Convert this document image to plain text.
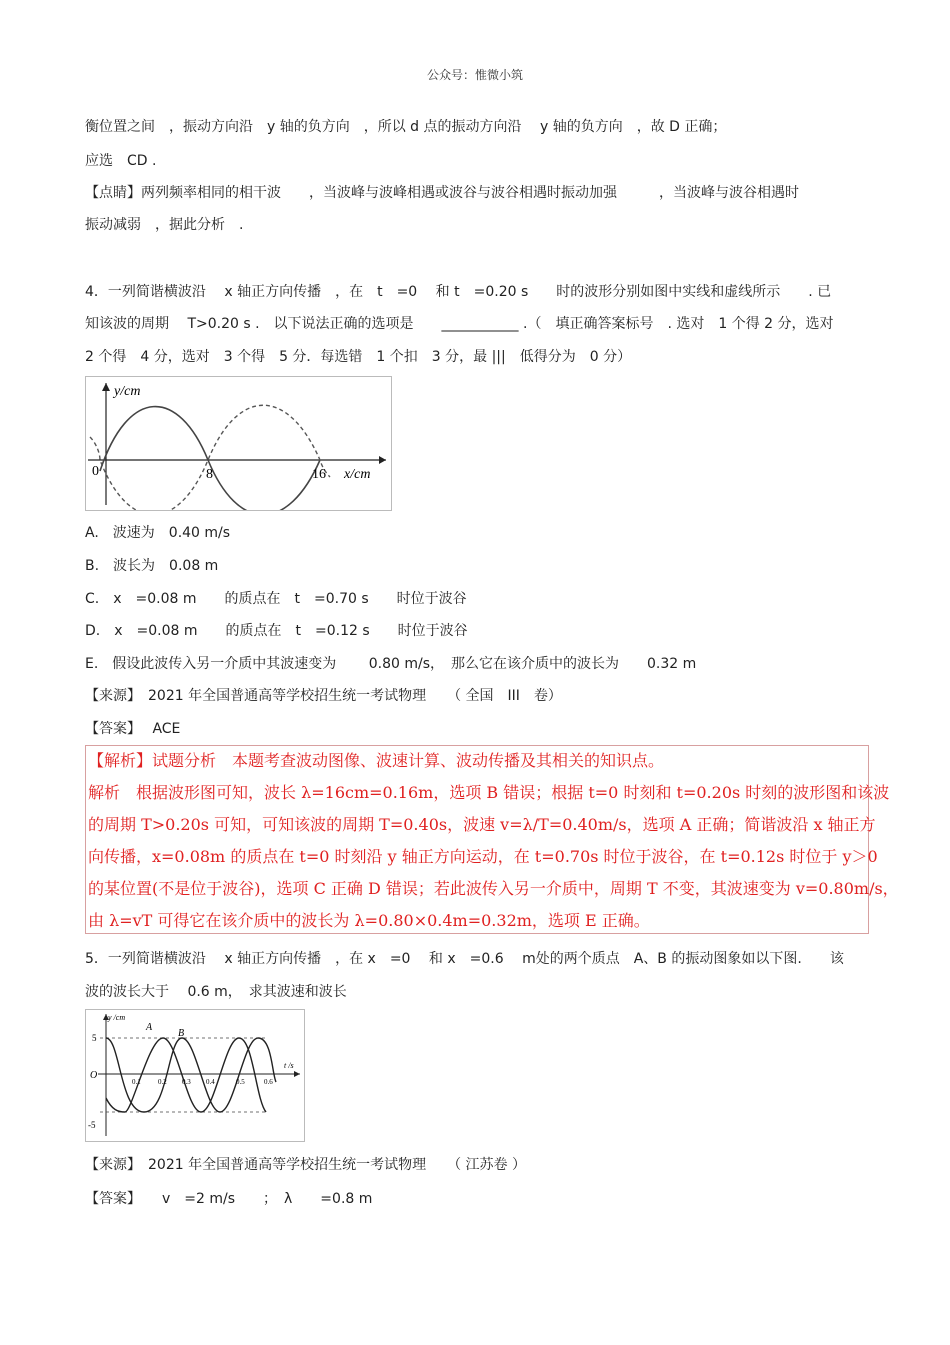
公众号：惟微小筑
衡位置之间　，振动方向沿　y 轴的负方向　，所以 d 点的振动方向沿　 y 轴的负方向　，故 D 正确；
应选　CD .
【点睛】两列频率相同的相干波　　，当波峰与波峰相遇或波谷与波谷相遇时振动加强　　　，当波峰与波谷相遇时
振动减弱　，据此分析　.
4．一列简谐横波沿　 x 轴正方向传播　，在　t　=0　 和 t　=0.20 s　　时的波形分别如图中实线和虚线所示　　. 已
知该波的周期　 T>0.20 s .　以下说法正确的选项是　　___________ .（　填正确答案标号　. 选对　1 个得 2 分，选对
2 个得　4 分，选对　3 个得　5 分．每选错　1 个扣　3 分，最 |||　低得分为　0 分）
y/cm
x/cm
0	8	16
A.　波速为　0.40 m/s
B.　波长为　0.08 m
C.　x　=0.08 m　　的质点在　t　=0.70 s　　时位于波谷
D.　x　=0.08 m　　的质点在　t　=0.12 s　　时位于波谷
E.　假设此波传入另一介质中其波速变为　　 0.80 m/s，　那么它在该介质中的波长为　　0.32 m
【来源】　2021 年全国普通高等学校招生统一考试物理　　（ 全国　III　卷）
【答案】　 ACE
【解析】试题分析　本题考查波动图像、波速计算、波动传播及其相关的知识点。
解析　根据波形图可知，波长 λ=16cm=0.16m，选项 B 错误；根据 t=0 时刻和 t=0.20s 时刻的波形图和该波
的周期 T>0.20s 可知，可知该波的周期 T=0.40s，波速 v=λ/T=0.40m/s，选项 A 正确；简谐波沿 x 轴正方
向传播，x=0.08m 的质点在 t=0 时刻沿 y 轴正方向运动，在 t=0.70s 时位于波谷，在 t=0.12s 时位于 y＞0
的某位置(不是位于波谷)，选项 C 正确 D 错误；若此波传入另一介质中，周期 T 不变，其波速变为 v=0.80m/s，
由 λ=vT 可得它在该介质中的波长为 λ=0.80×0.4m=0.32m，选项 E 正确。
5．一列简谐横波沿　 x 轴正方向传播　，在 x　=0　 和 x　=0.6　 m处的两个质点　A、B 的振动图象如以下图.　　该
波的波长大于　 0.6 m，　求其波速和波长
y /cm
t /s
O
5
-5
A
B
0.1 0.2 0.3 0.4	0.5	0.6
【来源】　2021 年全国普通高等学校招生统一考试物理　　（ 江苏卷 ）
【答案】　　v　=2 m/s　　；　λ　　=0.8 m
